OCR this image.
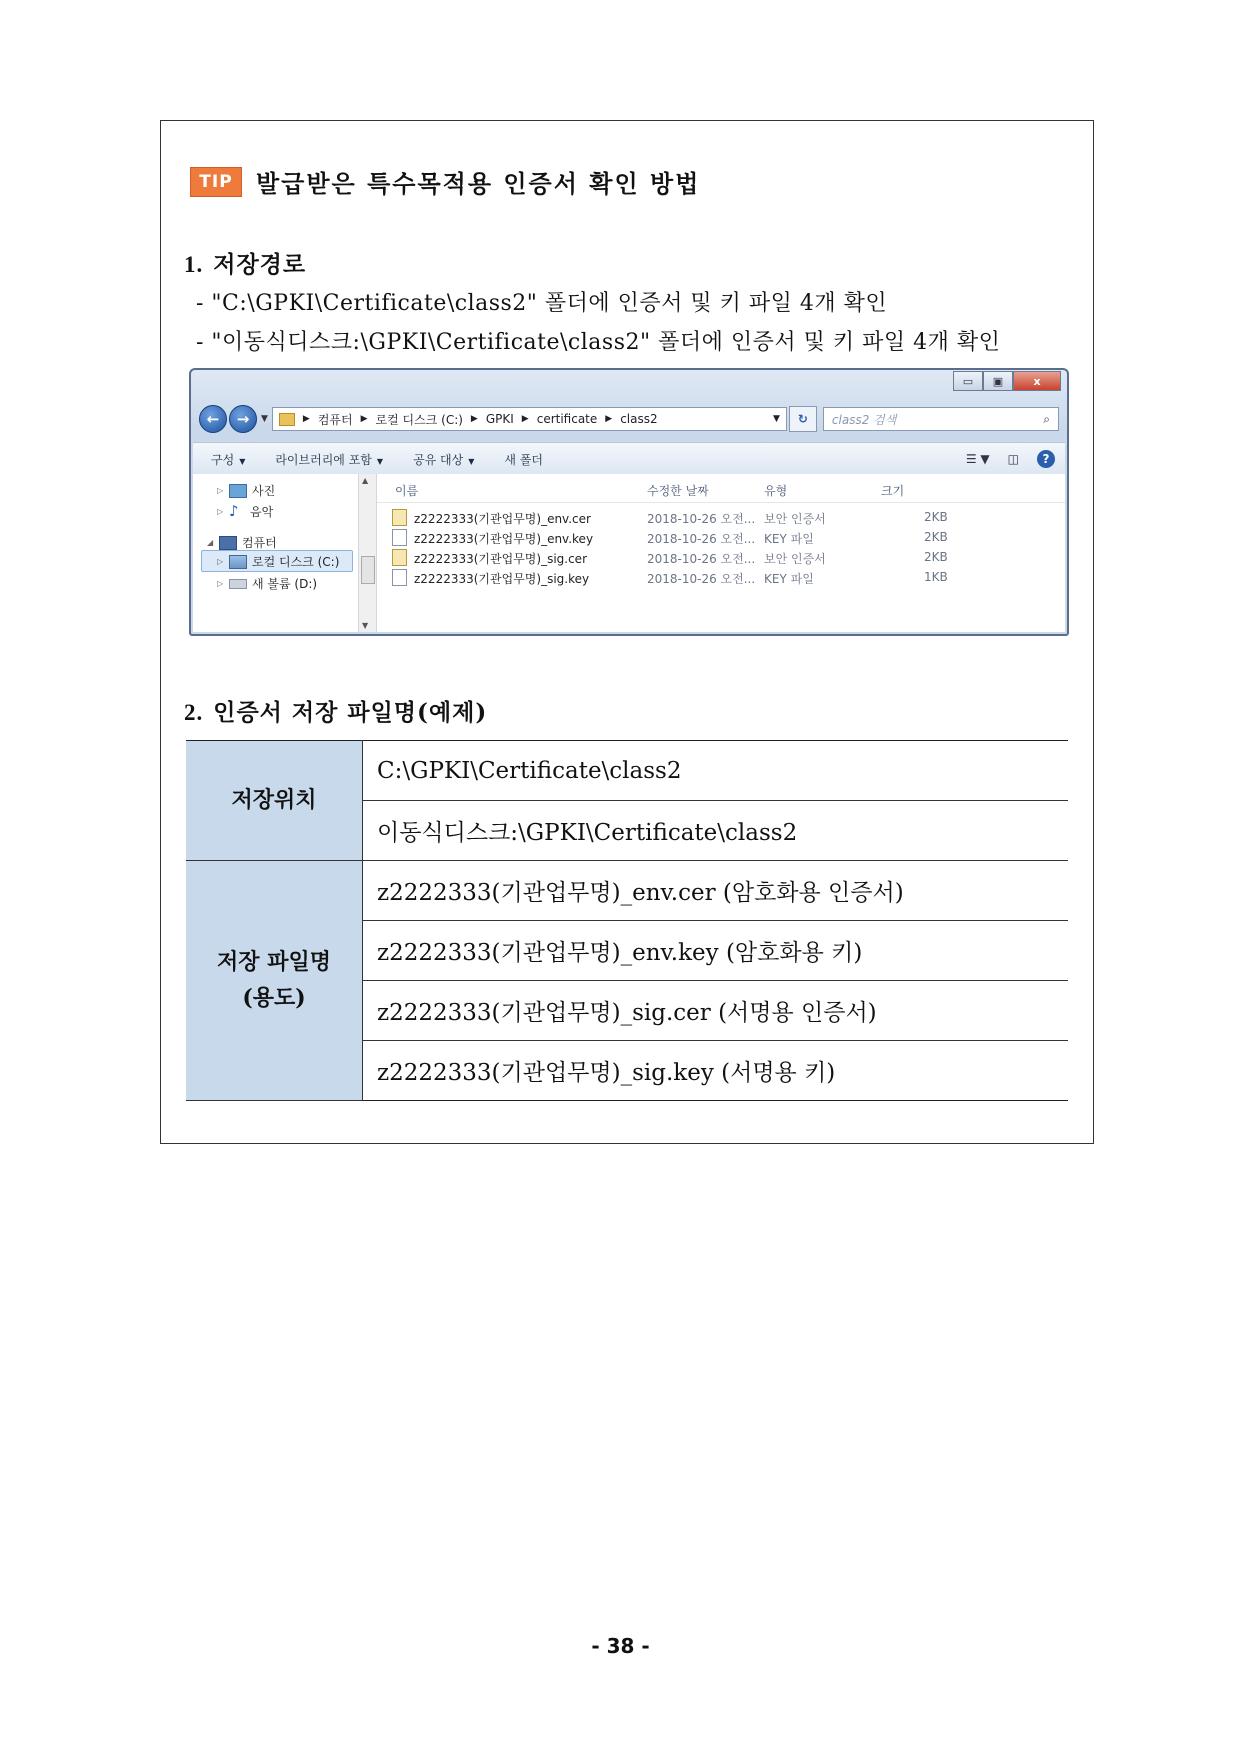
TIP 발급받은 특수목적용 인증서 확인 방법
1. 저장경로
- "C:\GPKI\Certificate\class2" 폴더에 인증서 및 키 파일 4개 확인
- "이동식디스크:\GPKI\Certificate\class2" 폴더에 인증서 및 키 파일 4개 확인
▭	▣	x
←	→	▼	▶ 컴퓨터 ▶ 로컬 디스크 (C:) ▶ GPKI ▶ certificate ▶ class2	▼	↻	class2 검색	⌕
구성 ▼	라이브러리에 포함 ▼	공유 대상 ▼	새 폴더	☰ ▼ ◫	?
▷	사진
▷ ♪ 음악
◢	컴퓨터
▷	로컬 디스크 (C:)
▷	새 볼륨 (D:)
▲
▼
이름	수정한 날짜	유형	크기
z2222333(기관업무명)_env.cer	2018-10-26 오전... 보안 인증서	2KB
z2222333(기관업무명)_env.key	2018-10-26 오전... KEY 파일	2KB
z2222333(기관업무명)_sig.cer	2018-10-26 오전... 보안 인증서	2KB
z2222333(기관업무명)_sig.key	2018-10-26 오전... KEY 파일	1KB
2. 인증서 저장 파일명(예제)
저장위치	C:\GPKI\Certificate\class2
	이동식디스크:\GPKI\Certificate\class2

저장 파일명
(용도)	z2222333(기관업무명)_env.cer (암호화용 인증서)
	z2222333(기관업무명)_env.key (암호화용 키)
	z2222333(기관업무명)_sig.cer (서명용 인증서)
	z2222333(기관업무명)_sig.key (서명용 키)
- 38 -
